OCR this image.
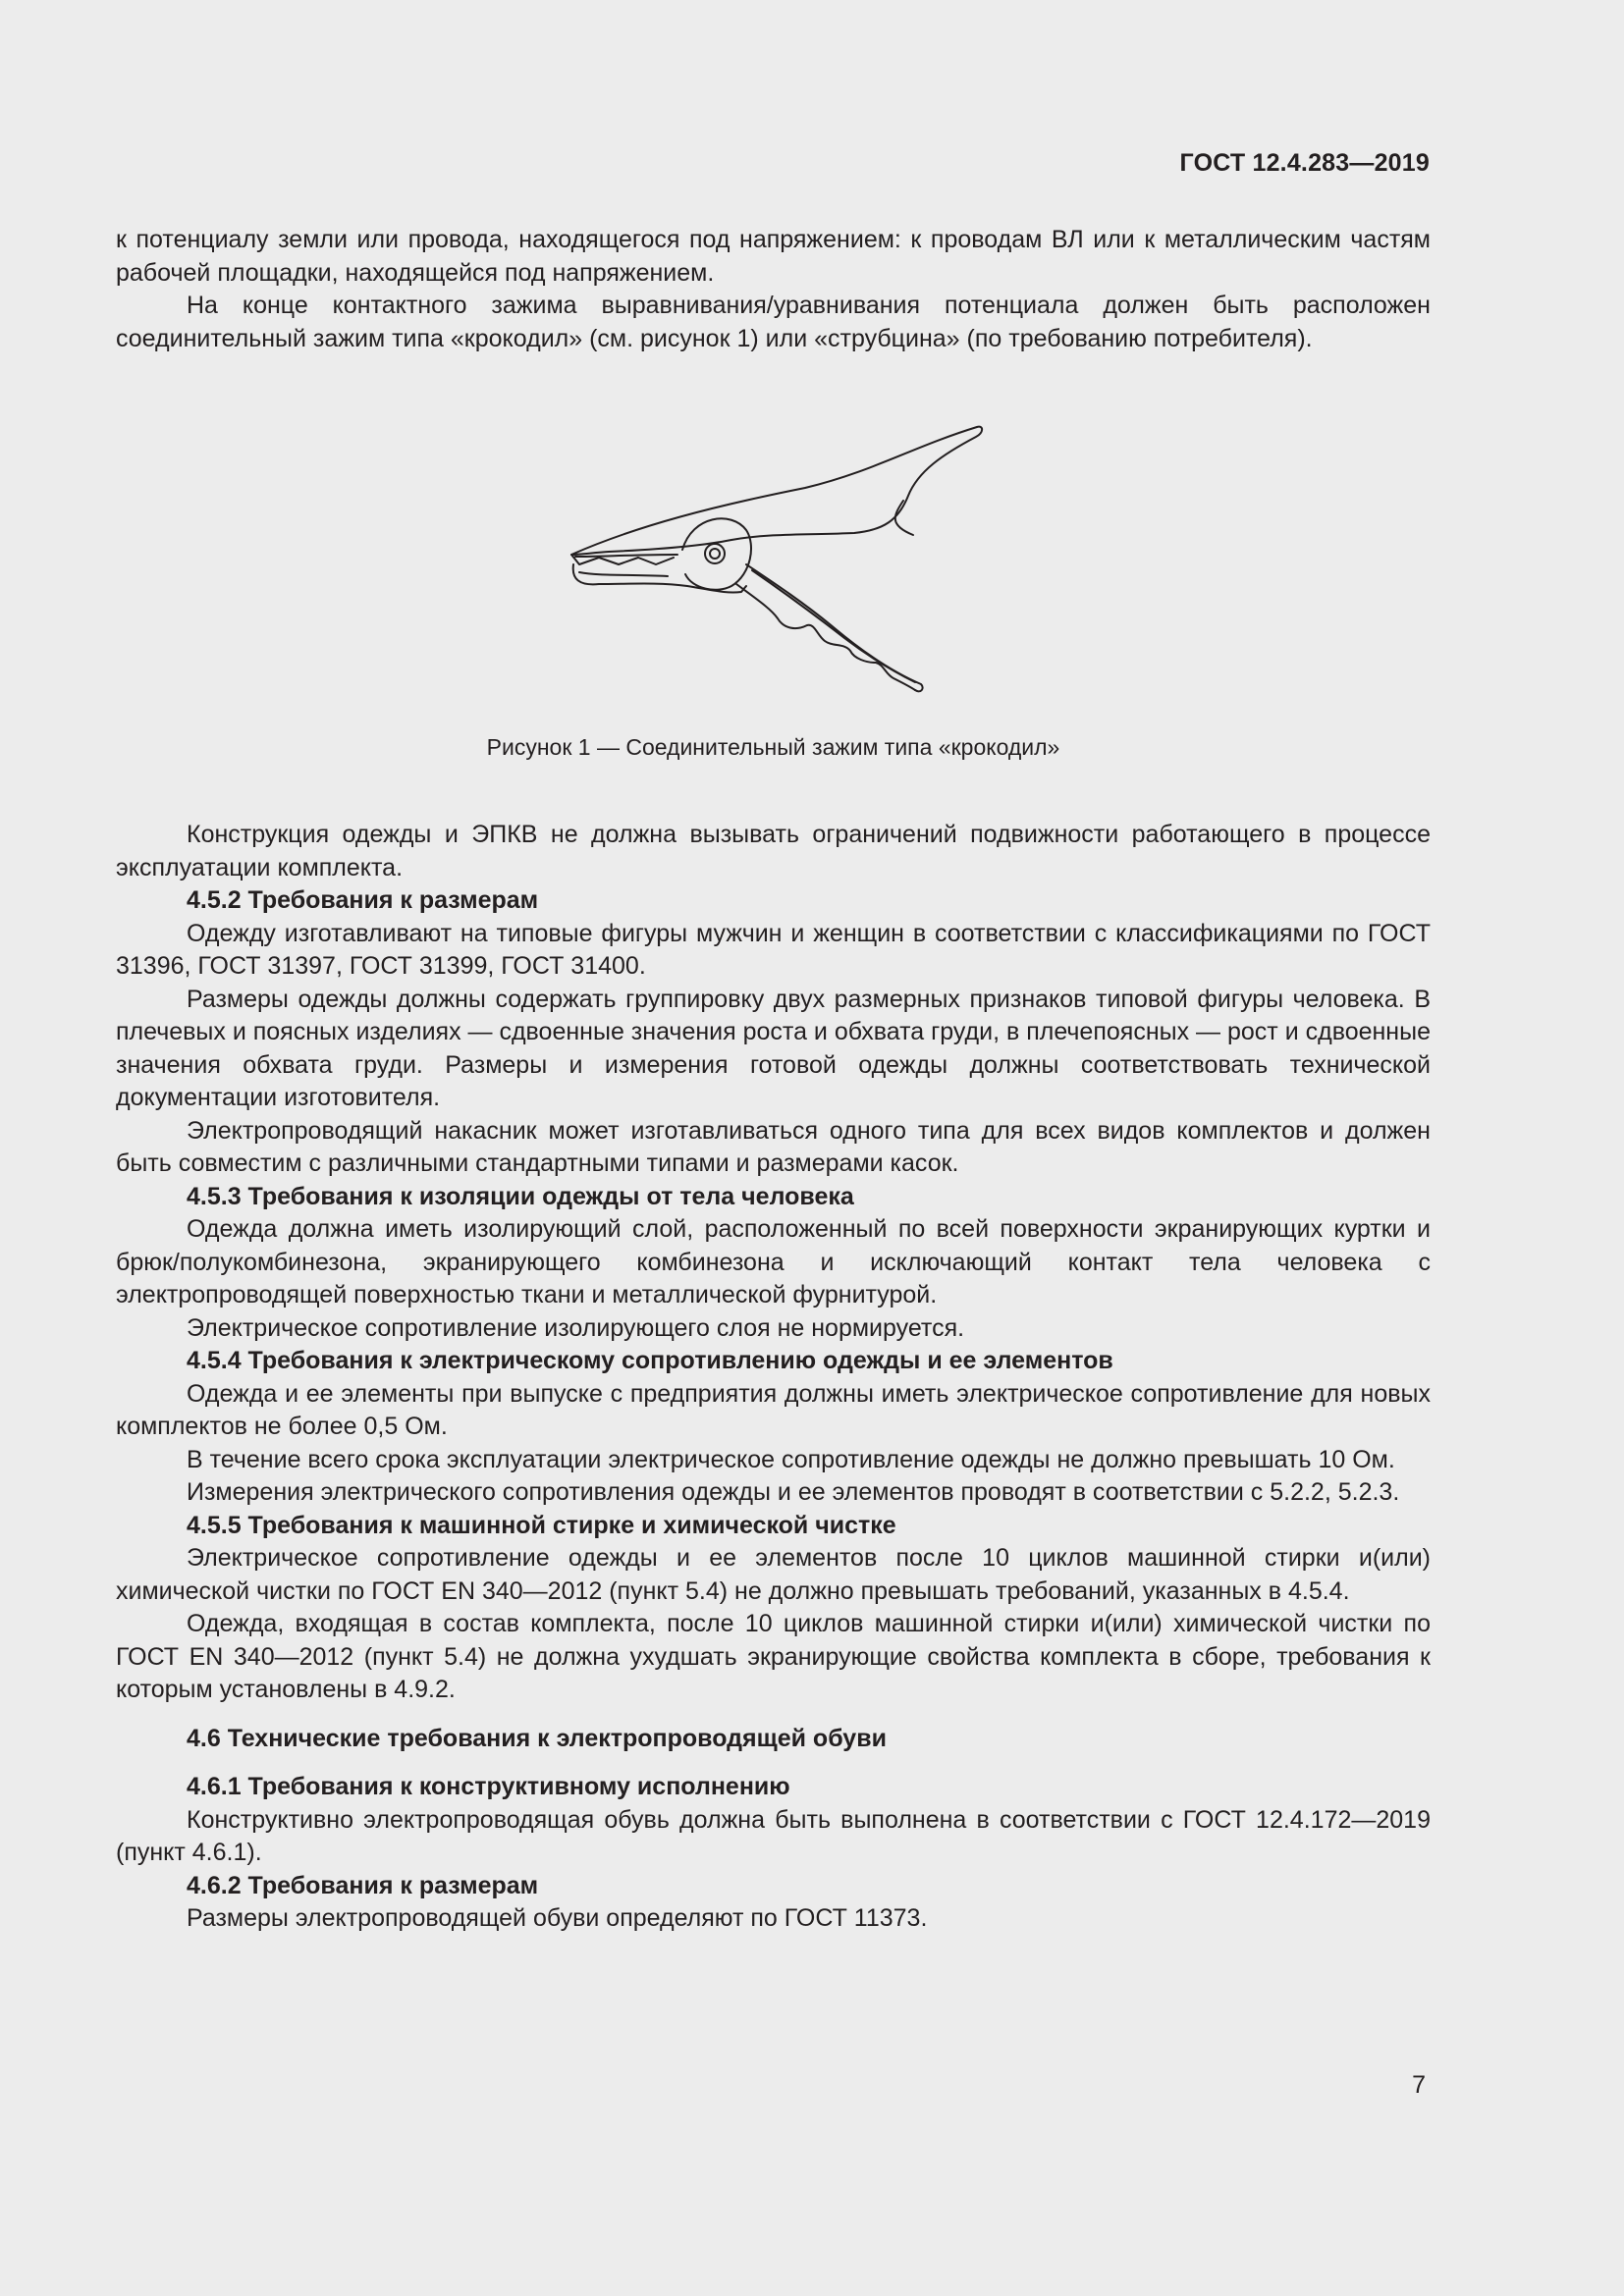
ГОСТ 12.4.283—2019

к потенциалу земли или провода, находящегося под напряжением: к проводам ВЛ или к металлическим частям рабочей площадки, находящейся под напряжением.

На конце контактного зажима выравнивания/уравнивания потенциала должен быть расположен соединительный зажим типа «крокодил» (см. рисунок 1) или «струбцина» (по требованию потребителя).

Рисунок 1 — Соединительный зажим типа «крокодил»

Конструкция одежды и ЭПКВ не должна вызывать ограничений подвижности работающего в процессе эксплуатации комплекта.

4.5.2 Требования к размерам

Одежду изготавливают на типовые фигуры мужчин и женщин в соответствии с классификациями по ГОСТ 31396, ГОСТ 31397, ГОСТ 31399, ГОСТ 31400.

Размеры одежды должны содержать группировку двух размерных признаков типовой фигуры человека. В плечевых и поясных изделиях — сдвоенные значения роста и обхвата груди, в плечепоясных — рост и сдвоенные значения обхвата груди. Размеры и измерения готовой одежды должны соответствовать технической документации изготовителя.

Электропроводящий накасник может изготавливаться одного типа для всех видов комплектов и должен быть совместим с различными стандартными типами и размерами касок.

4.5.3 Требования к изоляции одежды от тела человека

Одежда должна иметь изолирующий слой, расположенный по всей поверхности экранирующих куртки и брюк/полукомбинезона, экранирующего комбинезона и исключающий контакт тела человека с электропроводящей поверхностью ткани и металлической фурнитурой.

Электрическое сопротивление изолирующего слоя не нормируется.

4.5.4 Требования к электрическому сопротивлению одежды и ее элементов

Одежда и ее элементы при выпуске с предприятия должны иметь электрическое сопротивление для новых комплектов не более 0,5 Ом.

В течение всего срока эксплуатации электрическое сопротивление одежды не должно превышать 10 Ом.

Измерения электрического сопротивления одежды и ее элементов проводят в соответствии с 5.2.2, 5.2.3.

4.5.5 Требования к машинной стирке и химической чистке

Электрическое сопротивление одежды и ее элементов после 10 циклов машинной стирки и(или) химической чистки по ГОСТ EN 340—2012 (пункт 5.4) не должно превышать требований, указанных в 4.5.4.

Одежда, входящая в состав комплекта, после 10 циклов машинной стирки и(или) химической чистки по ГОСТ EN 340—2012 (пункт 5.4) не должна ухудшать экранирующие свойства комплекта в сборе, требования к которым установлены в 4.9.2.

4.6 Технические требования к электропроводящей обуви

4.6.1 Требования к конструктивному исполнению

Конструктивно электропроводящая обувь должна быть выполнена в соответствии с ГОСТ 12.4.172—2019 (пункт 4.6.1).

4.6.2 Требования к размерам

Размеры электропроводящей обуви определяют по ГОСТ 11373.

7
